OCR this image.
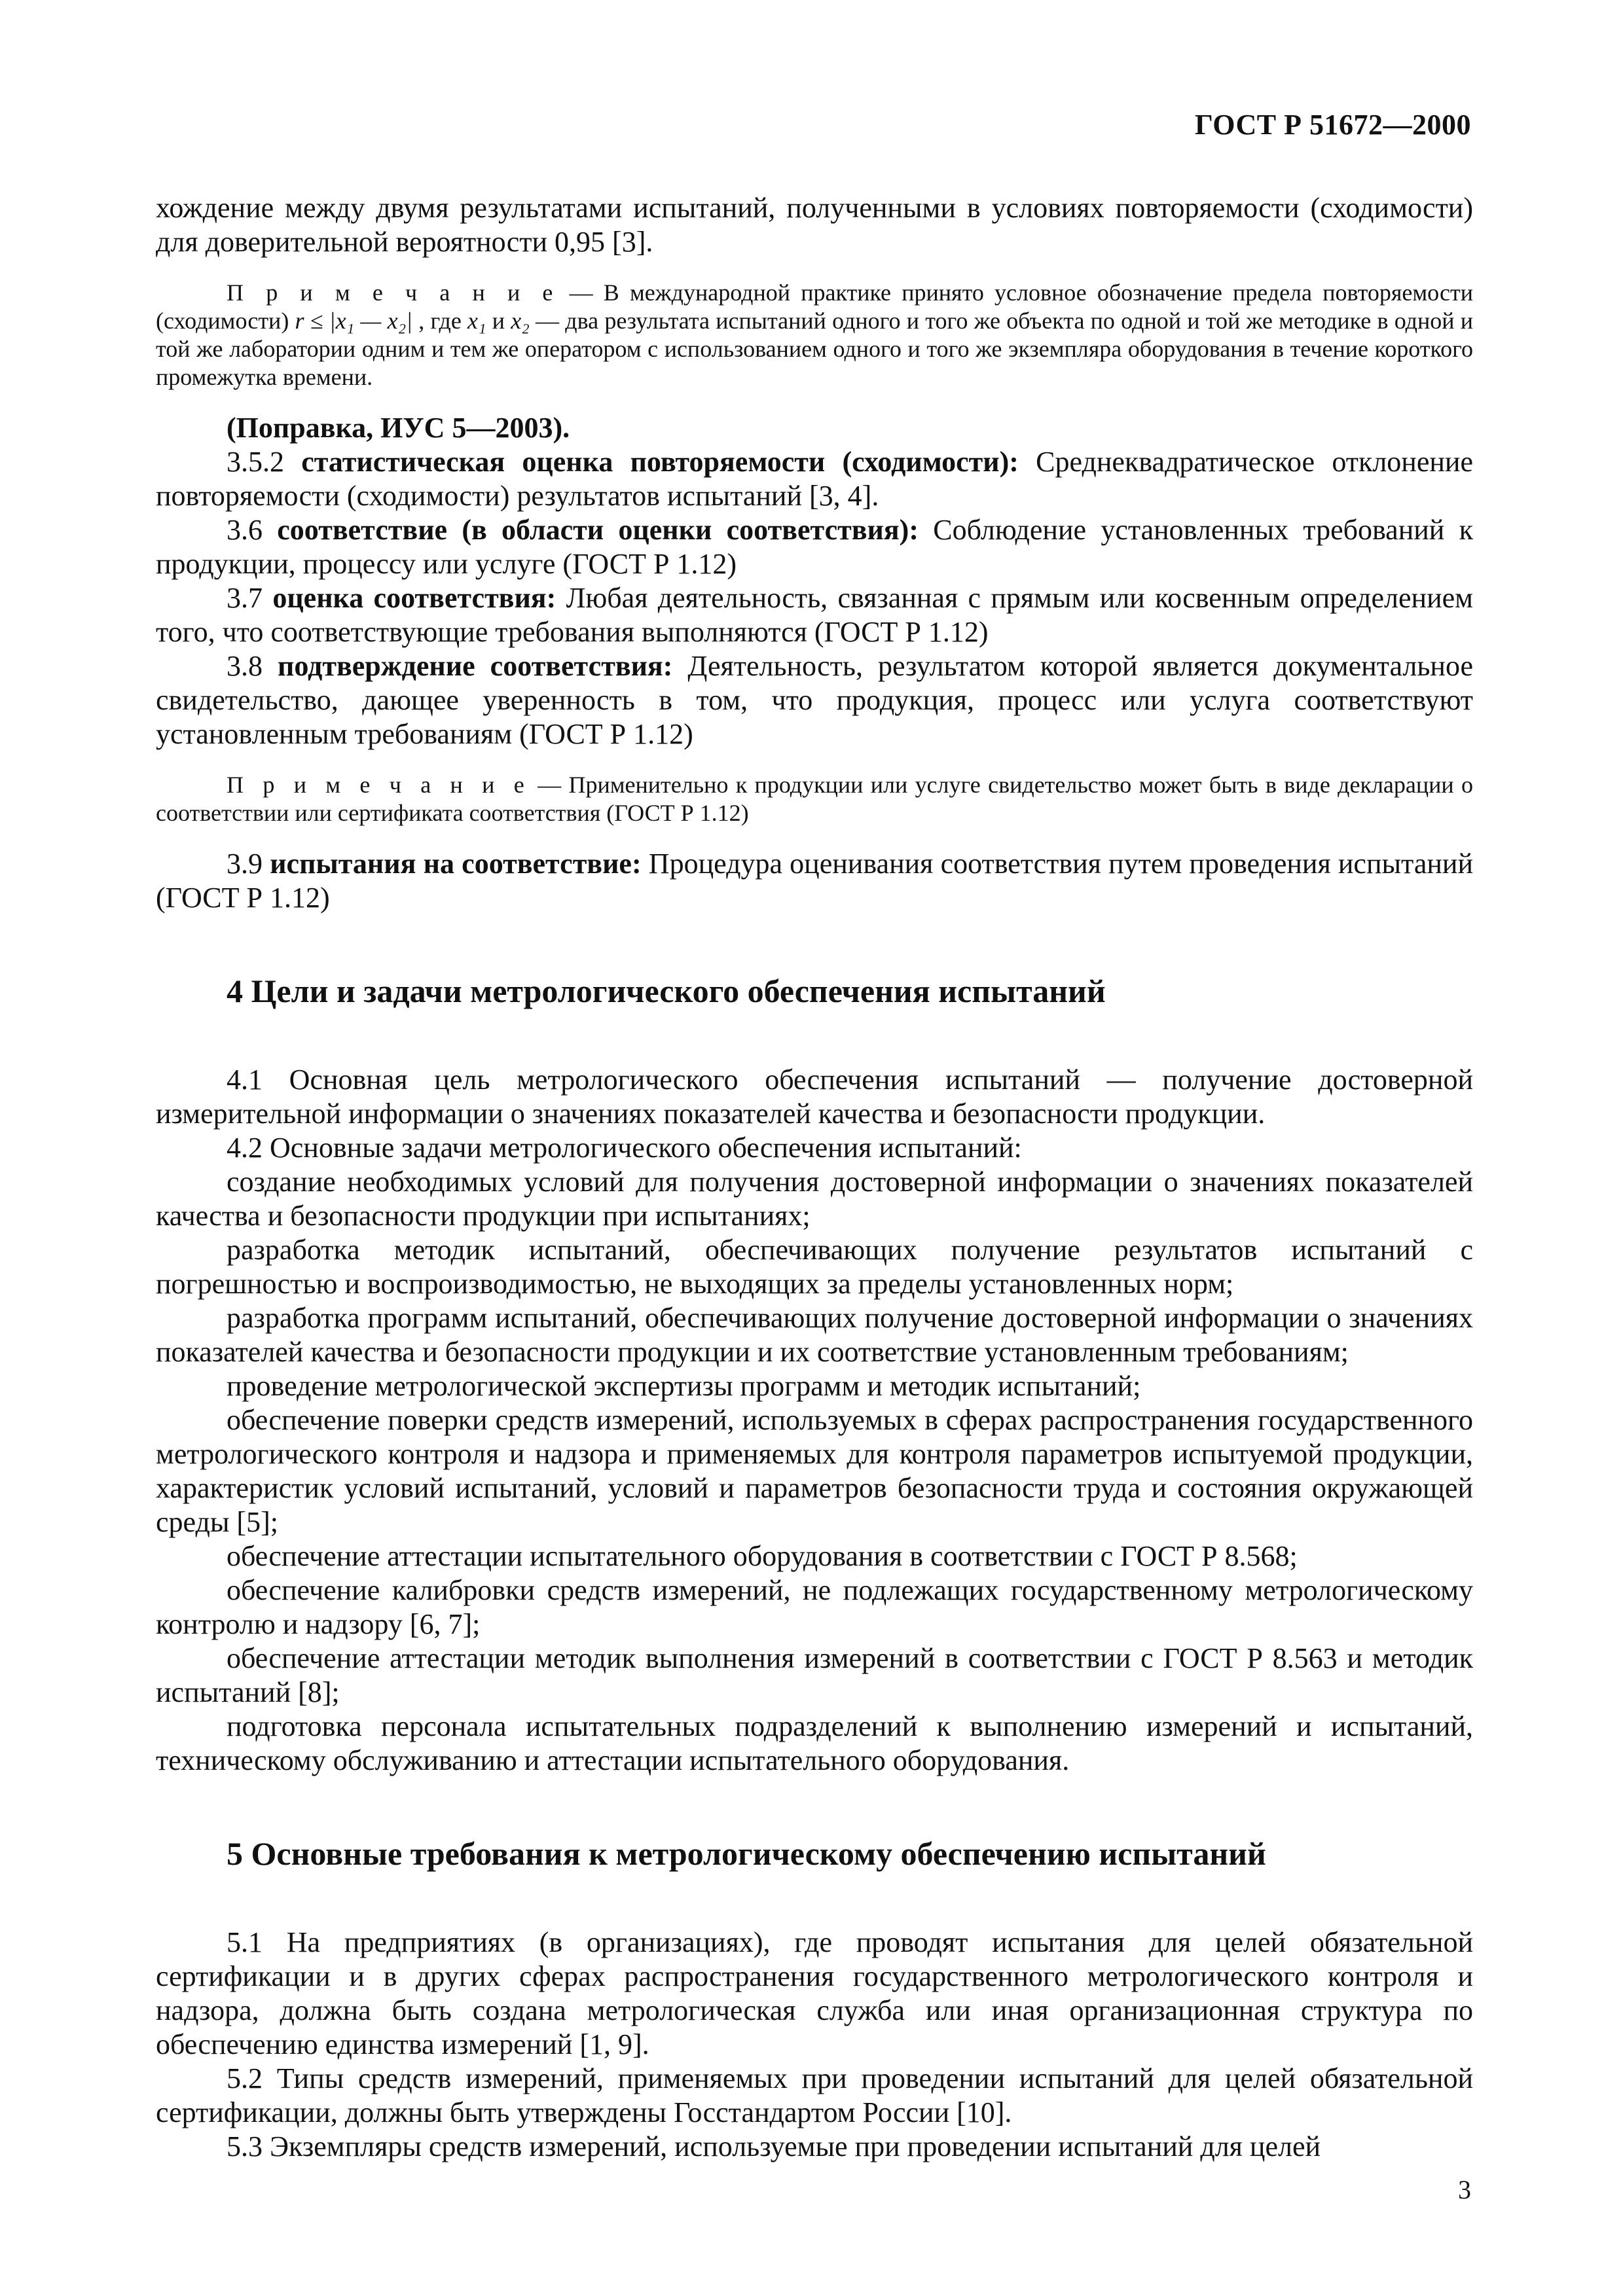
ГОСТ Р 51672—2000

хождение между двумя результатами испытаний, полученными в условиях повторяемости (сходимости) для доверительной вероятности 0,95 [3].

П р и м е ч а н и е — В международной практике принято условное обозначение предела повторяемости (сходимости) r ≤ |x₁ — x₂| , где x₁ и x₂ — два результата испытаний одного и того же объекта по одной и той же методике в одной и той же лаборатории одним и тем же оператором с использованием одного и того же экземпляра оборудования в течение короткого промежутка времени.

(Поправка, ИУС 5—2003).

3.5.2 статистическая оценка повторяемости (сходимости): Среднеквадратическое отклонение повторяемости (сходимости) результатов испытаний [3, 4].

3.6 соответствие (в области оценки соответствия): Соблюдение установленных требований к продукции, процессу или услуге (ГОСТ Р 1.12)

3.7 оценка соответствия: Любая деятельность, связанная с прямым или косвенным определением того, что соответствующие требования выполняются (ГОСТ Р 1.12)

3.8 подтверждение соответствия: Деятельность, результатом которой является документальное свидетельство, дающее уверенность в том, что продукция, процесс или услуга соответствуют установленным требованиям (ГОСТ Р 1.12)

П р и м е ч а н и е — Применительно к продукции или услуге свидетельство может быть в виде декларации о соответствии или сертификата соответствия (ГОСТ Р 1.12)

3.9 испытания на соответствие: Процедура оценивания соответствия путем проведения испытаний (ГОСТ Р 1.12)

4 Цели и задачи метрологического обеспечения испытаний

4.1 Основная цель метрологического обеспечения испытаний — получение достоверной измерительной информации о значениях показателей качества и безопасности продукции.

4.2 Основные задачи метрологического обеспечения испытаний:

создание необходимых условий для получения достоверной информации о значениях показателей качества и безопасности продукции при испытаниях;

разработка методик испытаний, обеспечивающих получение результатов испытаний с погрешностью и воспроизводимостью, не выходящих за пределы установленных норм;

разработка программ испытаний, обеспечивающих получение достоверной информации о значениях показателей качества и безопасности продукции и их соответствие установленным требованиям;

проведение метрологической экспертизы программ и методик испытаний;

обеспечение поверки средств измерений, используемых в сферах распространения государственного метрологического контроля и надзора и применяемых для контроля параметров испытуемой продукции, характеристик условий испытаний, условий и параметров безопасности труда и состояния окружающей среды [5];

обеспечение аттестации испытательного оборудования в соответствии с ГОСТ Р 8.568;

обеспечение калибровки средств измерений, не подлежащих государственному метрологическому контролю и надзору [6, 7];

обеспечение аттестации методик выполнения измерений в соответствии с ГОСТ Р 8.563 и методик испытаний [8];

подготовка персонала испытательных подразделений к выполнению измерений и испытаний, техническому обслуживанию и аттестации испытательного оборудования.

5 Основные требования к метрологическому обеспечению испытаний

5.1 На предприятиях (в организациях), где проводят испытания для целей обязательной сертификации и в других сферах распространения государственного метрологического контроля и надзора, должна быть создана метрологическая служба или иная организационная структура по обеспечению единства измерений [1, 9].

5.2 Типы средств измерений, применяемых при проведении испытаний для целей обязательной сертификации, должны быть утверждены Госстандартом России [10].

5.3 Экземпляры средств измерений, используемые при проведении испытаний для целей

3
